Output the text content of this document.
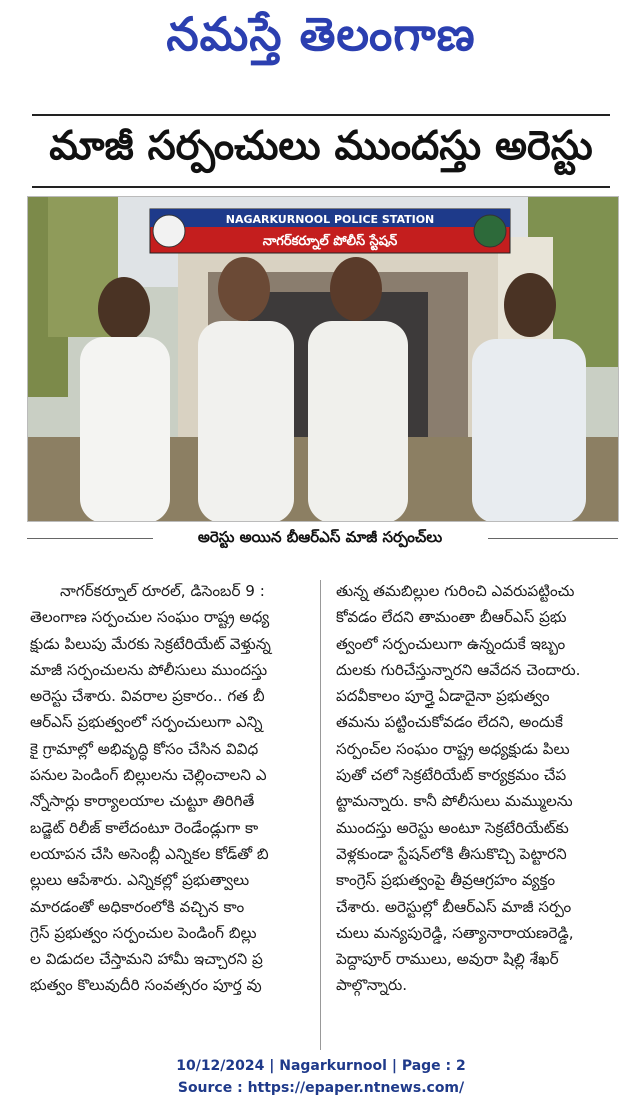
నమస్తే తెలంగాణ
మాజీ సర్పంచులు ముందస్తు అరెస్టు
NAGARKURNOOL POLICE STATION
నాగర్‌కర్నూల్ పోలీస్ స్టేషన్
అరెస్టు అయిన బీఆర్‌ఎస్ మాజీ సర్పంచ్‌లు

నాగర్‌కర్నూల్ రూరల్, డిసెంబర్ 9 :

తెలంగాణ సర్పంచుల సంఘం రాష్ట్ర అధ్య

క్షుడు పిలుపు మేరకు సెక్రటేరియేట్ వెళ్తున్న

మాజీ సర్పంచులను పోలీసులు ముందస్తు

అరెస్టు చేశారు. వివరాల ప్రకారం.. గత బీ

ఆర్‌ఎస్ ప్రభుత్వంలో సర్పంచులుగా ఎన్ని

కై గ్రామాల్లో అభివృద్ధి కోసం చేసిన వివిధ

పనుల పెండింగ్ బిల్లులను చెల్లించాలని ఎ

న్నోసార్లు కార్యాలయాల చుట్టూ తిరిగితే

బడ్జెట్ రిలీజ్ కాలేదంటూ రెండేండ్లుగా కా

లయాపన చేసి అసెంబ్లీ ఎన్నికల కోడ్‌తో బి

ల్లులు ఆపేశారు. ఎన్నికల్లో ప్రభుత్వాలు

మారడంతో అధికారంలోకి వచ్చిన కాం

గ్రెస్ ప్రభుత్వం సర్పంచుల పెండింగ్ బిల్లు

ల విడుదల చేస్తామని హామీ ఇచ్చారని ప్ర

భుత్వం కొలువుదీరి సంవత్సరం పూర్త వు

తున్న తమబిల్లుల గురించి ఎవరుపట్టించు

కోవడం లేదని తామంతా బీఆర్‌ఎస్ ప్రభు

త్వంలో సర్పంచులుగా ఉన్నందుకే ఇబ్బం

దులకు గురిచేస్తున్నారని ఆవేదన చెందారు.

పదవీకాలం పూర్తై ఏడాదైనా ప్రభుత్వం

తమను పట్టించుకోవడం లేదని, అందుకే

సర్పంచ్‌ల సంఘం రాష్ట్ర అధ్యక్షుడు పిలు

పుతో చలో సెక్రటేరియేట్ కార్యక్రమం చేప

ట్టామన్నారు. కానీ పోలీసులు మమ్ములను

ముందస్తు అరెస్టు అంటూ సెక్రటేరియేట్‌కు

వెళ్లకుండా స్టేషన్‌లోకి తీసుకొచ్చి పెట్టారని

కాంగ్రెస్ ప్రభుత్వంపై తీవ్రఆగ్రహం వ్యక్తం

చేశారు. అరెస్టుల్లో బీఆర్‌ఎస్ మాజీ సర్పం

చులు మన్యపురెడ్డి, సత్యానారాయణరెడ్డి,

పెద్దాపూర్ రాములు, అవురా షిల్లి శేఖర్

పాల్గొన్నారు.

10/12/2024 | Nagarkurnool | Page : 2
Source : https://epaper.ntnews.com/
